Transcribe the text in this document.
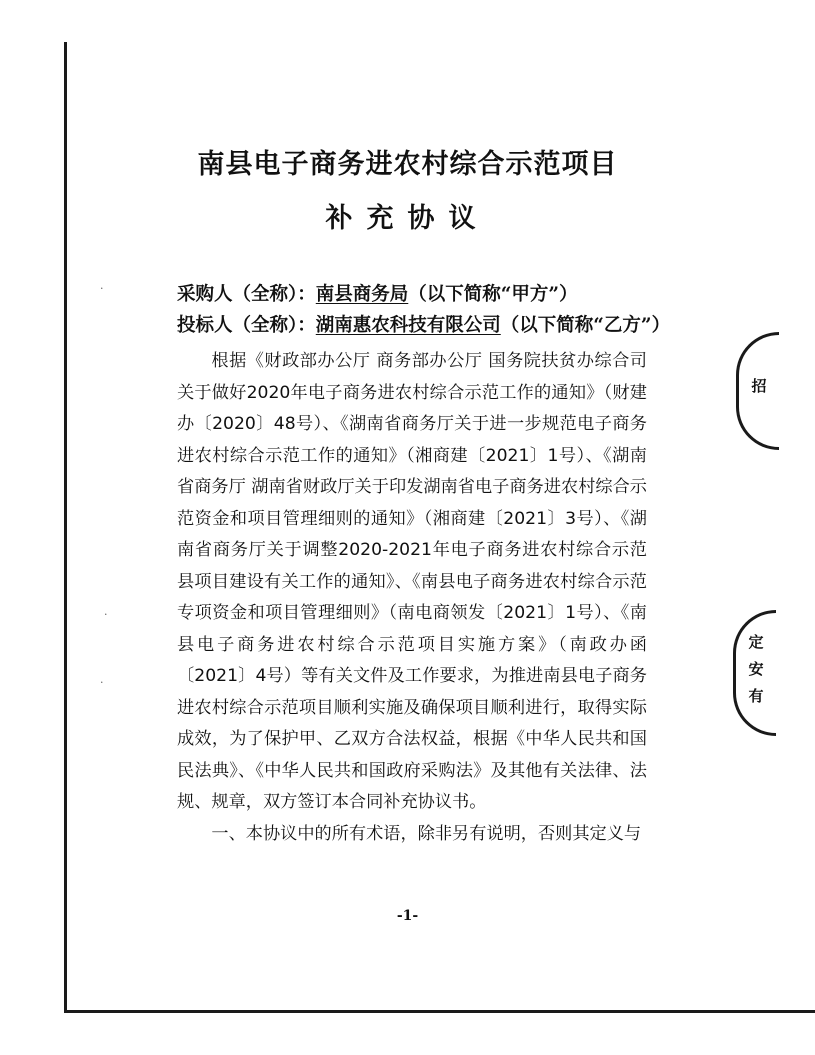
南县电子商务进农村综合示范项目
补充协议
采购人（全称）：南县商务局（以下简称“甲方”）
投标人（全称）：湖南惠农科技有限公司（以下简称“乙方”）

根据《财政部办公厅 商务部办公厅 国务院扶贫办综合司关于做好2020年电子商务进农村综合示范工作的通知》（财建办〔2020〕48号）、《湖南省商务厅关于进一步规范电子商务进农村综合示范工作的通知》（湘商建〔2021〕1号）、《湖南省商务厅 湖南省财政厅关于印发湖南省电子商务进农村综合示范资金和项目管理细则的通知》（湘商建〔2021〕3号）、《湖南省商务厅关于调整2020-2021年电子商务进农村综合示范县项目建设有关工作的通知》、《南县电子商务进农村综合示范专项资金和项目管理细则》（南电商领发〔2021〕1号）、《南县电子商务进农村综合示范项目实施方案》（南政办函〔2021〕4号）等有关文件及工作要求，为推进南县电子商务进农村综合示范项目顺利实施及确保项目顺利进行，取得实际成效，为了保护甲、乙双方合法权益，根据《中华人民共和国民法典》、《中华人民共和国政府采购法》及其他有关法律、法规、规章，双方签订本合同补充协议书。

一、本协议中的所有术语，除非另有说明，否则其定义与

-1-
招
定
安
有
·
·
·
